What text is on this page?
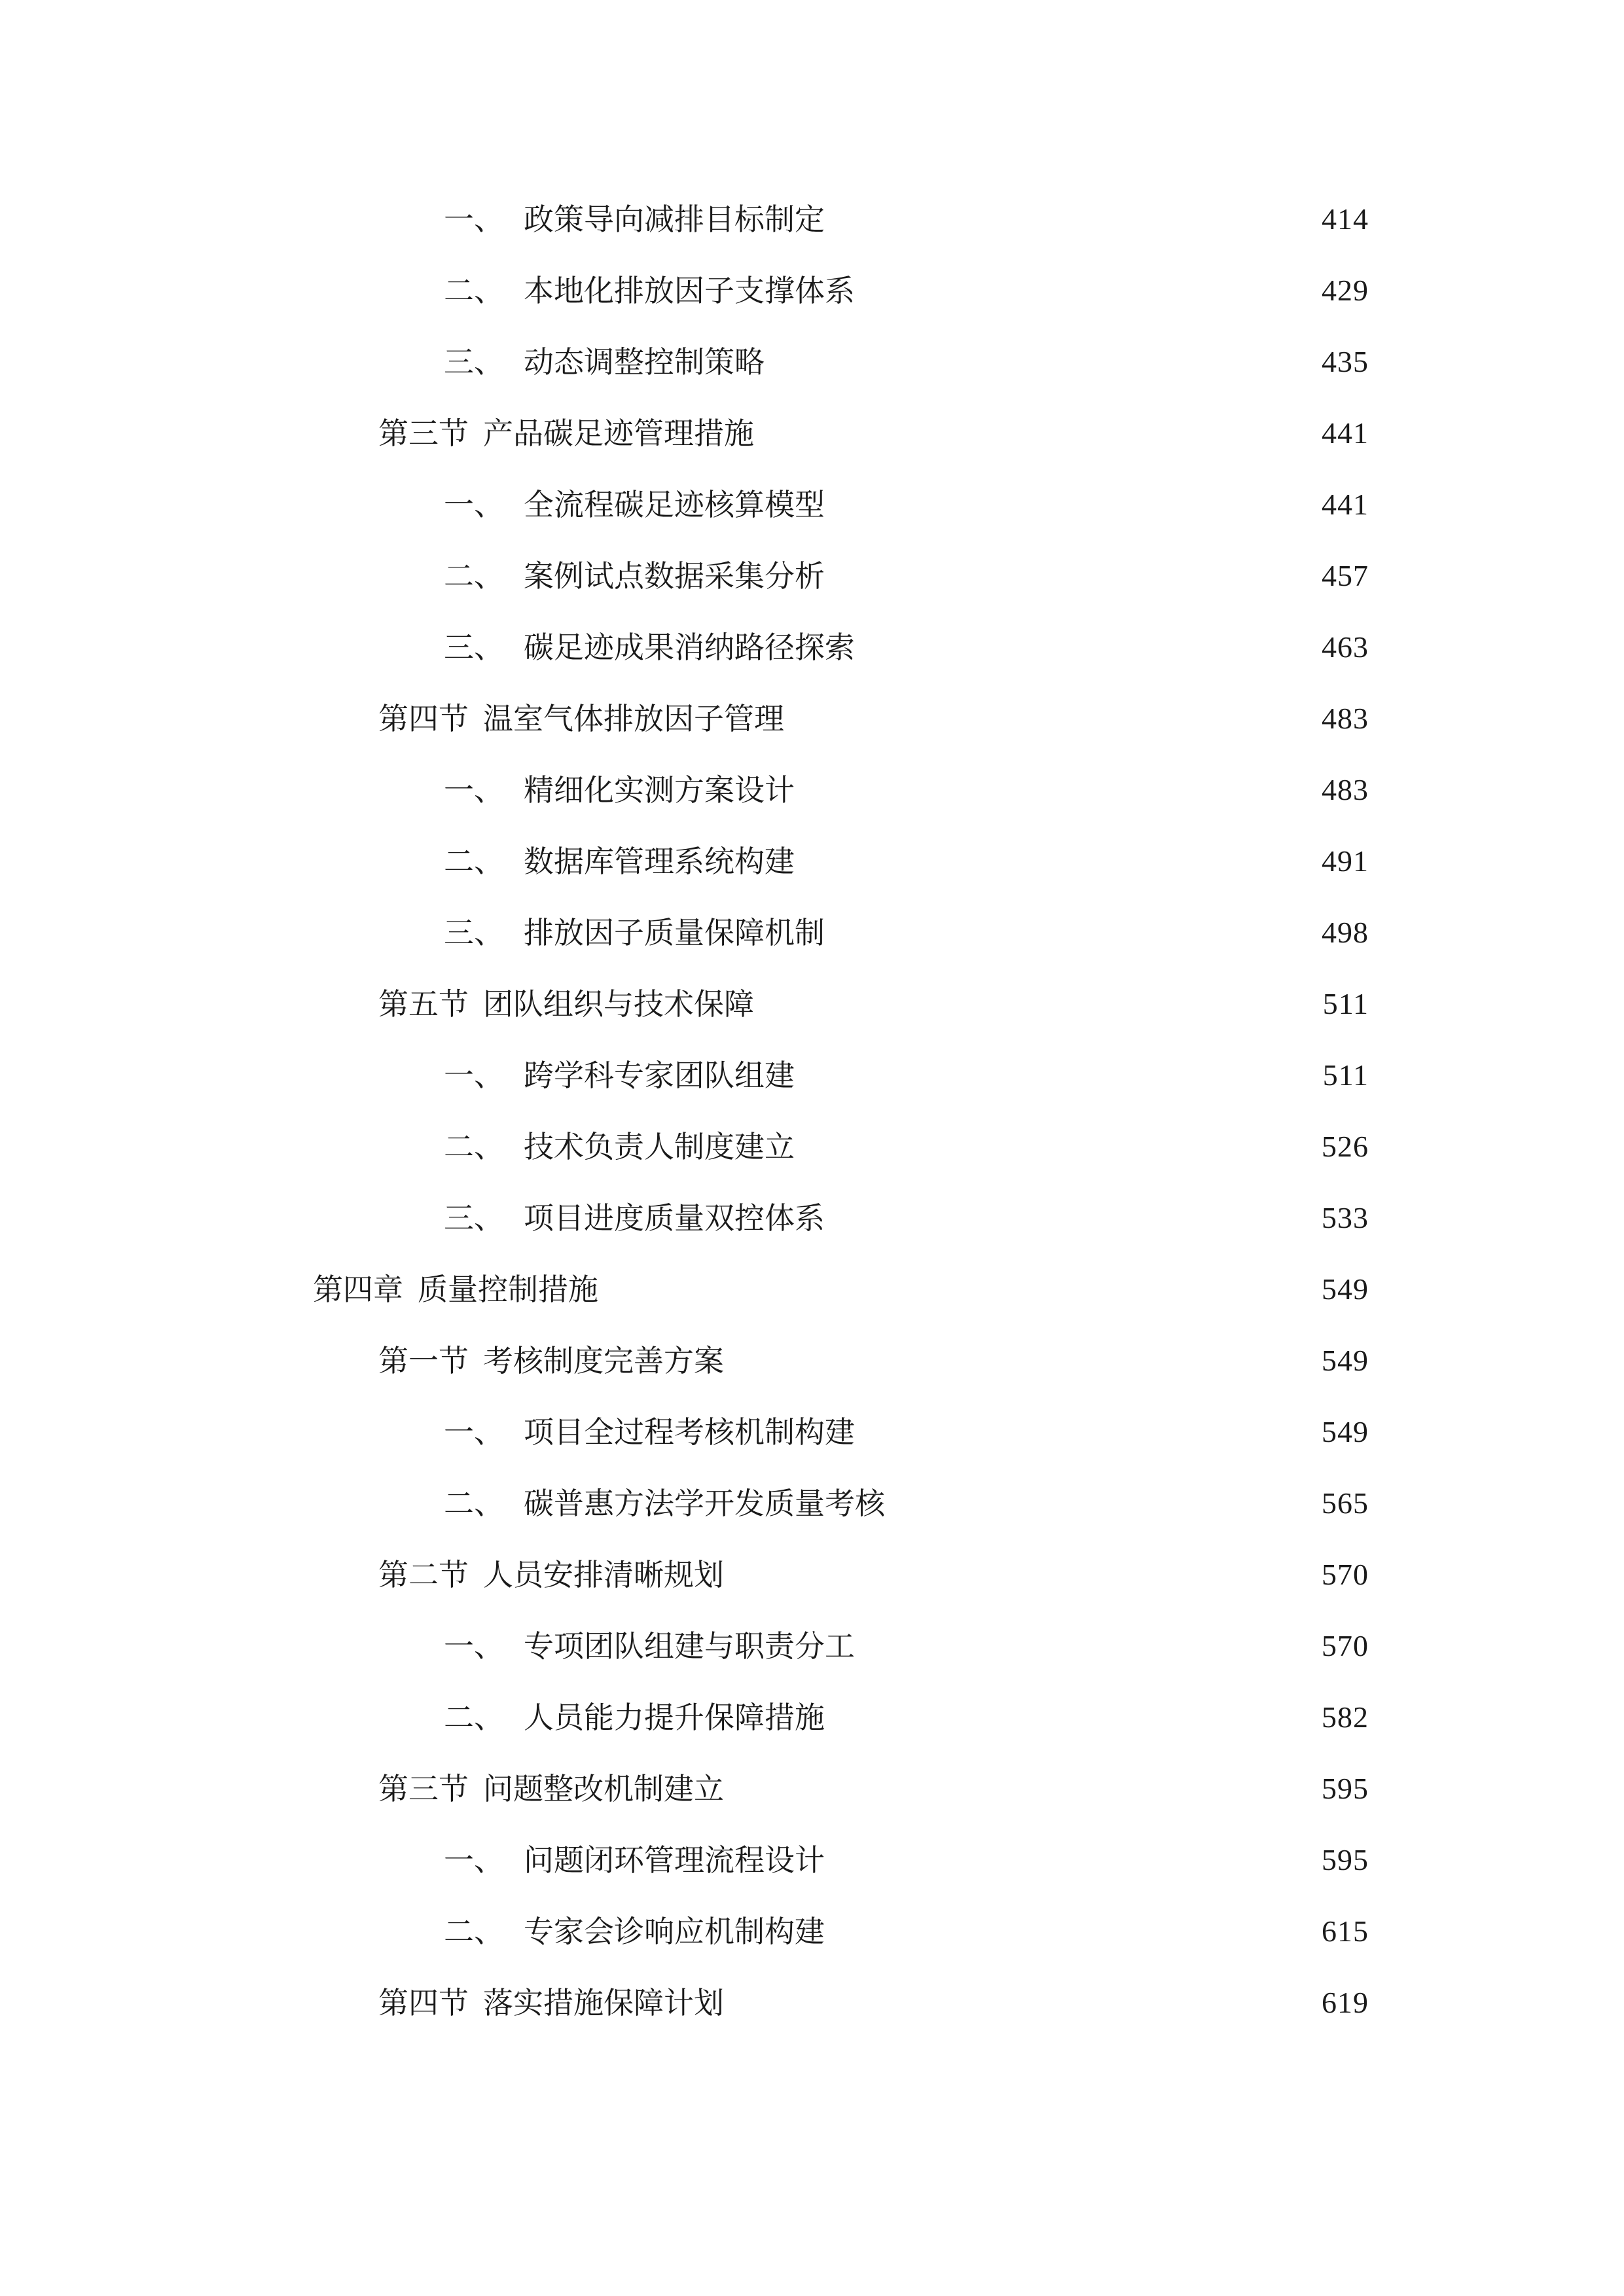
一、 政策导向减排目标制定	414
二、 本地化排放因子支撑体系	429
三、 动态调整控制策略	435
第三节 产品碳足迹管理措施	441
一、 全流程碳足迹核算模型	441
二、 案例试点数据采集分析	457
三、 碳足迹成果消纳路径探索	463
第四节 温室气体排放因子管理	483
一、 精细化实测方案设计	483
二、 数据库管理系统构建	491
三、 排放因子质量保障机制	498
第五节 团队组织与技术保障	511
一、 跨学科专家团队组建	511
二、 技术负责人制度建立	526
三、 项目进度质量双控体系	533
第四章 质量控制措施	549
第一节 考核制度完善方案	549
一、 项目全过程考核机制构建	549
二、 碳普惠方法学开发质量考核	565
第二节 人员安排清晰规划	570
一、 专项团队组建与职责分工	570
二、 人员能力提升保障措施	582
第三节 问题整改机制建立	595
一、 问题闭环管理流程设计	595
二、 专家会诊响应机制构建	615
第四节 落实措施保障计划	619
